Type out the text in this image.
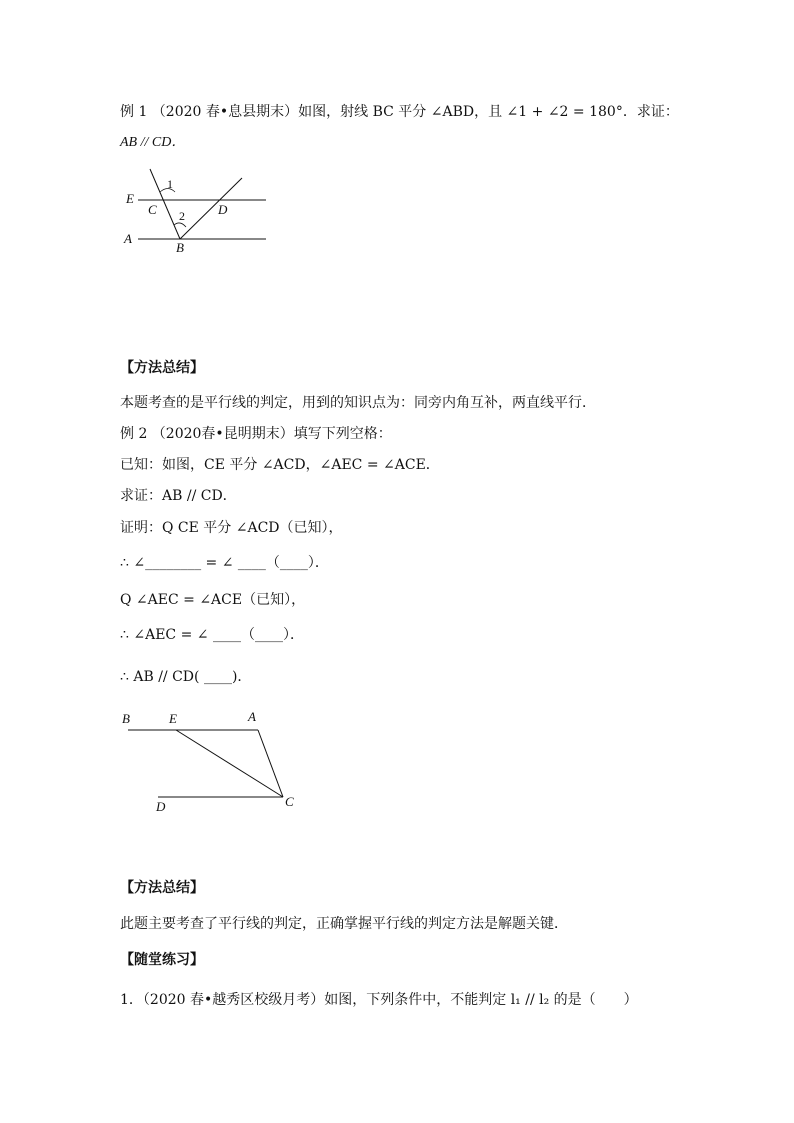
例 1 （2020 春•息县期末）如图，射线 BC 平分 ∠ABD，且 ∠1 + ∠2 = 180°．求证：
AB // CD．
E
C	D
A
B
1
2
【方法总结】
本题考查的是平行线的判定，用到的知识点为：同旁内角互补，两直线平行．
例 2 （2020春•昆明期末）填写下列空格：
已知：如图，CE 平分 ∠ACD，∠AEC = ∠ACE．
求证：AB // CD．
证明：Q CE 平分 ∠ACD（已知），
∴ ∠________ = ∠ ____（____）．
Q ∠AEC = ∠ACE（已知），
∴ ∠AEC = ∠ ____（____）．
∴ AB // CD( ____)．
B	E	A
D	C
【方法总结】
此题主要考查了平行线的判定，正确掌握平行线的判定方法是解题关键．
【随堂练习】
1．（2020 春•越秀区校级月考）如图，下列条件中，不能判定 l₁ // l₂ 的是（　　）
